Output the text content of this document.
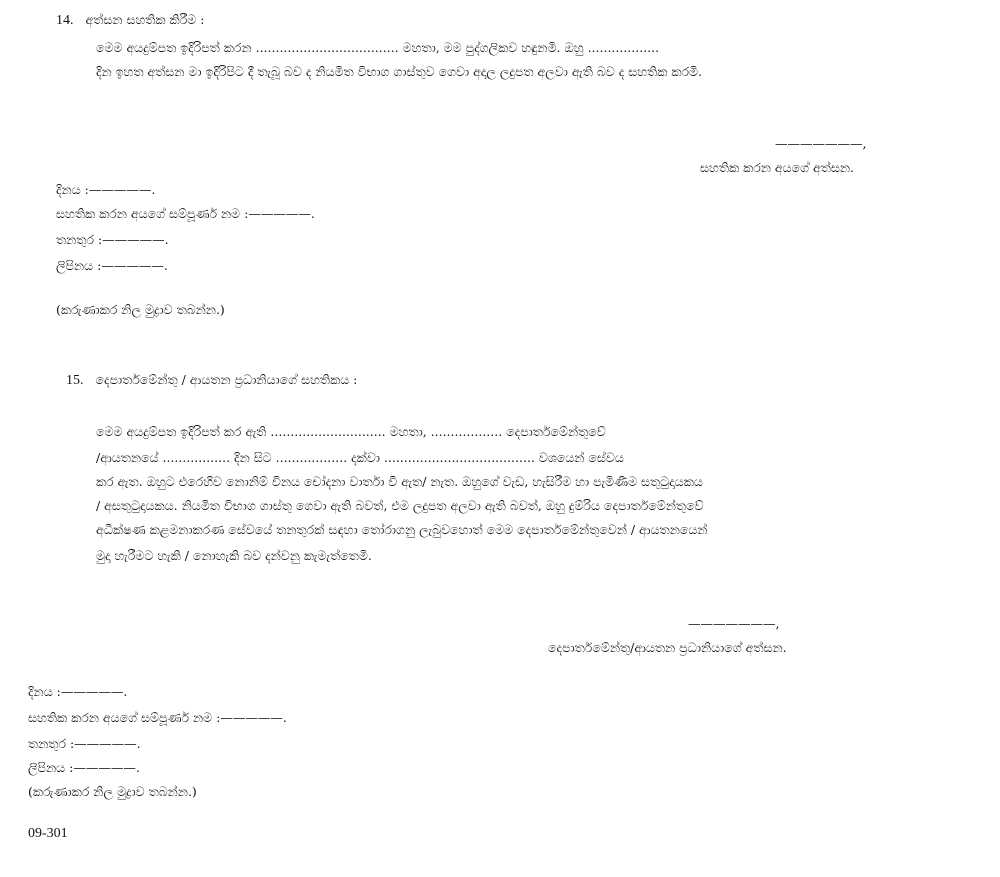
14. අත්සන සහතික කිරීම :
මෙම අයදුම්පත ඉදිරිපත් කරන .................................... මහතා, මම පුද්ගලිකව හඳුනමි. ඔහු ..................
දින ඉහත අත්සන මා ඉදිරිපිට දී තැබූ බව ද නියමිත විභාග ගාස්තුව ගෙවා අදාල ලදුපත අලවා ඇති බව ද සහතික කරමි.
———————,
සහතික කරන අයගේ අත්සන.
දිනය :—————.
සහතික කරන අයගේ සම්පූර්ණ නම :—————.
තනතුර :—————.
ලිපිනය :—————.
(කරුණාකර නිල මුද්‍රාව තබන්න.)
15. දෙපාර්තමේන්තු / ආයතන ප්‍රධානියාගේ සහතිකය :
මෙම අයදුම්පත ඉදිරිපත් කර ඇති ............................. මහතා, .................. දෙපාර්තමේන්තුවේ
/ආයතනයේ ................. දින සිට .................. දක්වා ...................................... වශයෙන් සේවය
කර ඇත. ඔහුට එරෙහිව නොනිම් විනය චෝදනා වාර්තා වී ඇත/ නැත. ඔහුගේ වැඩ, හැසිරීම හා පැමිණීම සතුටුදායකය
/ අසතුටුදායකය. නියමිත විභාග ගාස්තු ගෙවා ඇති බවත්, එම ලදුපත අලවා ඇති බවත්, ඔහු දුම්රිය දෙපාර්තමේන්තුවේ
අධීක්ෂණ කළමනාකරණ සේවයේ තනතුරක් සඳහා තෝරාගනු ලැබුවහොත් මෙම දෙපාර්තමේන්තුවෙන් / ආයතනයෙන්
මුදා හැරීමට හැකි / නොහැකි බව දන්වනු කැමැත්තෙමි.
———————,
දෙපාර්තමේන්තු/ආයතන ප්‍රධානියාගේ අත්සන.
දිනය :—————.
සහතික කරන අයගේ සම්පූර්ණ නම :—————.
තනතුර :—————.
ලිපිනය :—————.
(කරුණාකර නිල මුද්‍රාව තබන්න.)
09-301
